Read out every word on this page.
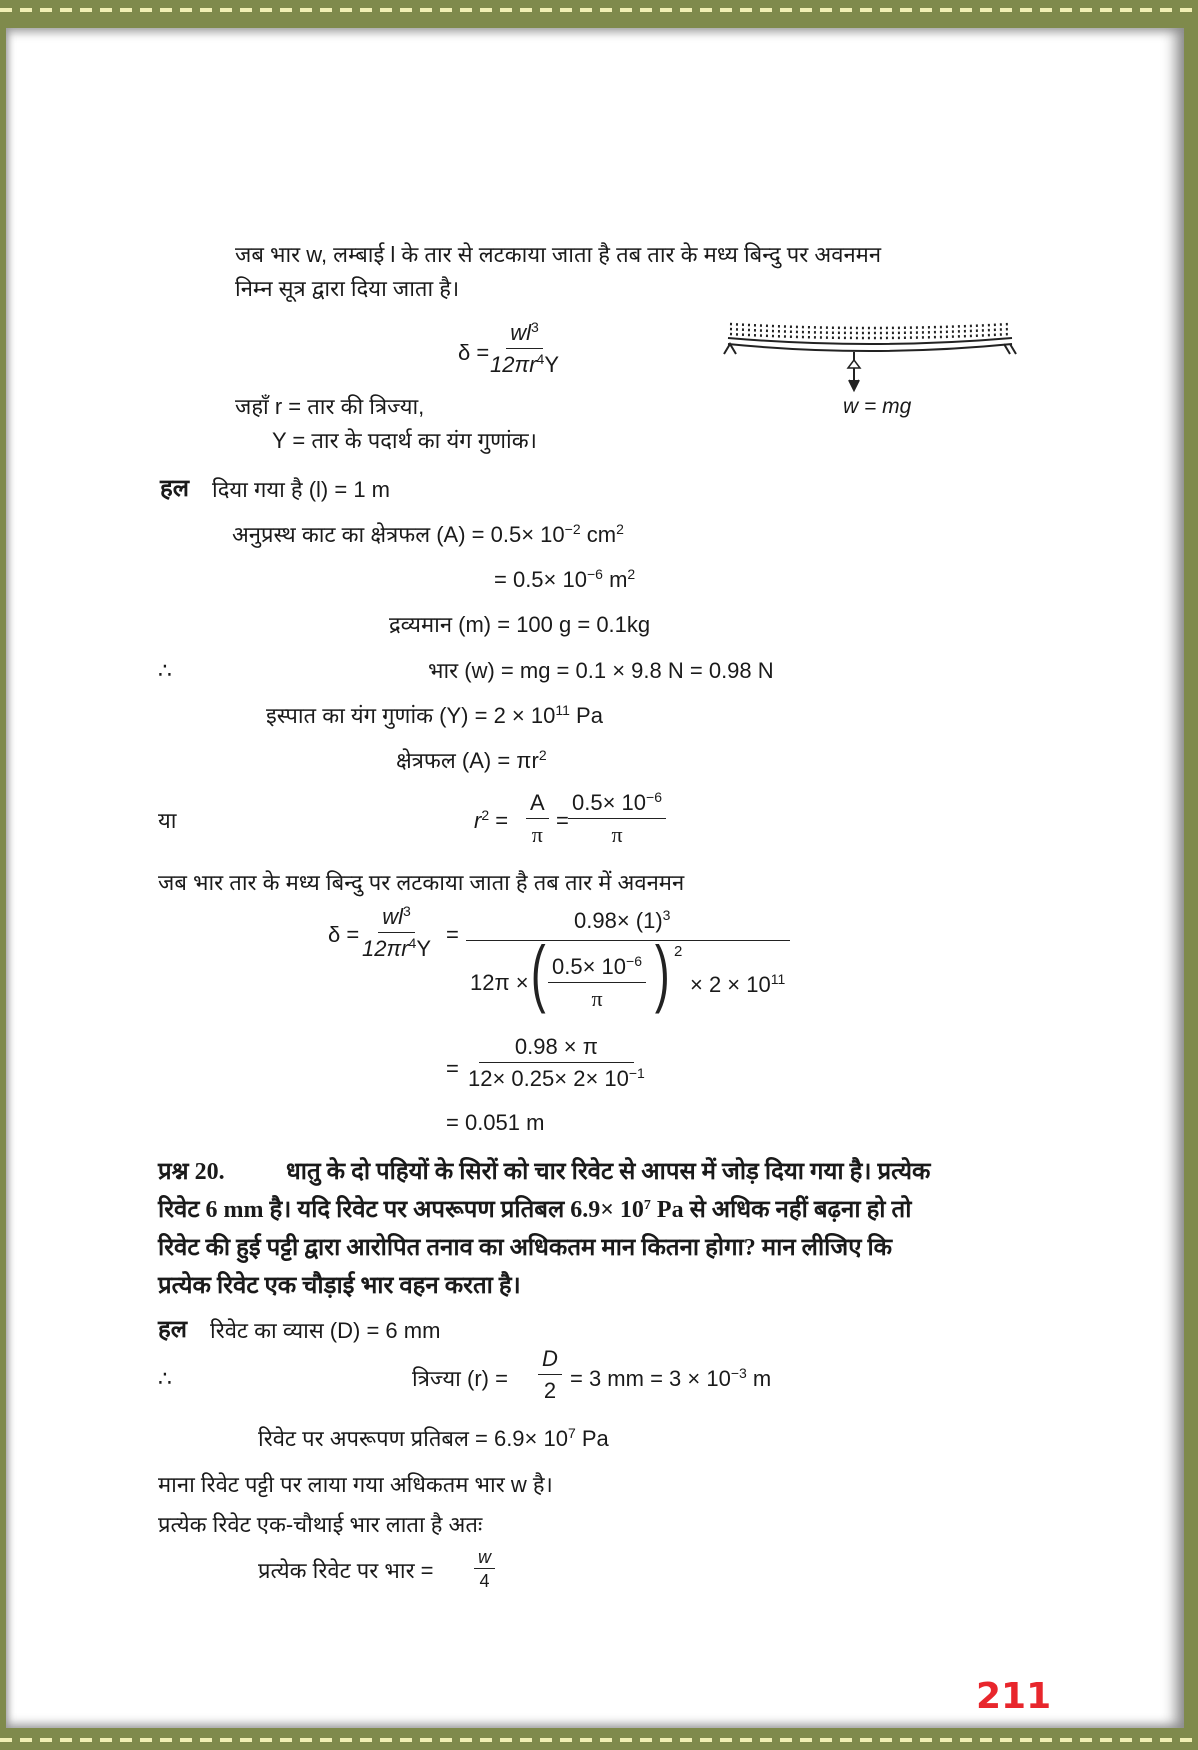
जब भार w, लम्बाई l के तार से लटकाया जाता है तब तार के मध्य बिन्दु पर अवनमन
निम्न सूत्र द्वारा दिया जाता है।
$\delta = \frac{wl^3}{12\pi r^4Y}$
जहाँ r = तार की त्रिज्या,
Y = तार के पदार्थ का यंग गुणांक।
w = mg
हल दिया गया है (l) = 1 m
अनुप्रस्थ काट का क्षेत्रफल $(A) = 0.5\times 10^{-2}$ $cm^2$
= $0.5\times 10^{-6}$ $m^2$
द्रव्यमान (m) = 100 g = 0.1kg
∴	भार (w) = mg = 0.1 × 9.8 N = 0.98 N
इस्पात का यंग गुणांक $(Y) = 2 \times 10^{11}$ Pa
क्षेत्रफल $(A) = \pi r^2$
या	$r^2 = \frac{A}{\pi} = \frac{0.5\times 10^{-6}}{\pi}$
जब भार तार के मध्य बिन्दु पर लटकाया जाता है तब तार में अवनमन
$\delta = \frac{wl^3}{12\pi r^4Y}$ =
$0.98\times (1)^3$
12π × ( $\frac{0.5\times 10^{-6}}{\pi}$ ) 2
× $2 \times 10^{11}$
= $\frac{0.98 \times \pi}{12\times 0.25\times 2\times 10^{-1}}$
= 0.051 m
प्रश्न 20.	धातु के दो पहियों के सिरों को चार रिवेट से आपस में जोड़ दिया गया है। प्रत्येक
रिवेट 6 mm है। यदि रिवेट पर अपरूपण प्रतिबल $6.9\times 10^7$ Pa से अधिक नहीं बढ़ना हो तो
रिवेट की हुई पट्टी द्वारा आरोपित तनाव का अधिकतम मान कितना होगा? मान लीजिए कि
प्रत्येक रिवेट एक चौड़ाई भार वहन करता है।
हल रिवेट का व्यास (D) = 6 mm
∴	त्रिज्या $(r) = \frac{D}{2} = 3$ mm = $3 \times 10^{-3}$ m
रिवेट पर अपरूपण प्रतिबल = $6.9\times 10^7$ Pa
माना रिवेट पट्टी पर लाया गया अधिकतम भार w है।
प्रत्येक रिवेट एक-चौथाई भार लाता है अतः
प्रत्येक रिवेट पर भार = $\frac{w}{4}$
211
